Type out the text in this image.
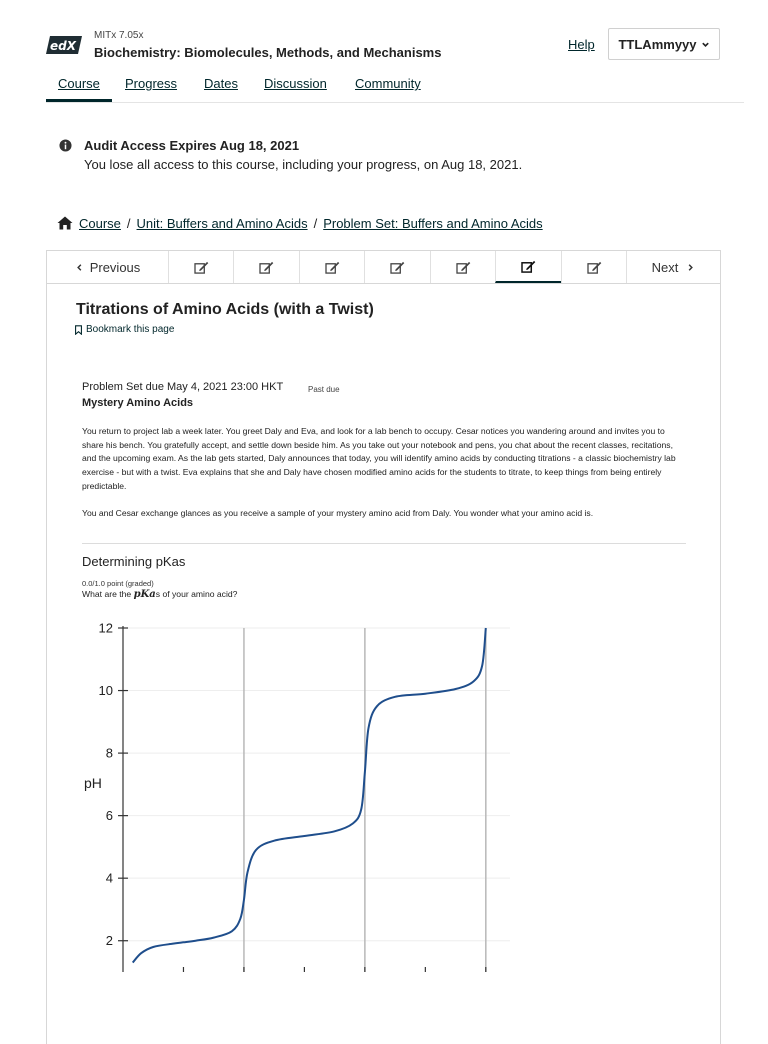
edX
MITx 7.05x
Biochemistry: Biomolecules, Methods, and Mechanisms
Help TTLAmmyyy
Course Progress Dates Discussion Community
Audit Access Expires Aug 18, 2021
You lose all access to this course, including your progress, on Aug 18, 2021.
Course / Unit: Buffers and Amino Acids / Problem Set: Buffers and Amino Acids
Previous	Next
Titrations of Amino Acids (with a Twist)
Bookmark this page
Problem Set due May 4, 2021 23:00 HKT	Past due
Mystery Amino Acids
You return to project lab a week later. You greet Daly and Eva, and look for a lab bench to occupy. Cesar notices you wandering around and invites you to share his bench. You gratefully accept, and settle down beside him. As you take out your notebook and pens, you chat about the recent classes, recitations, and the upcoming exam. As the lab gets started, Daly announces that today, you will identify amino acids by conducting titrations - a classic biochemistry lab exercise - but with a twist. Eva explains that she and Daly have chosen modified amino acids for the students to titrate, to keep things from being entirely predictable.
You and Cesar exchange glances as you receive a sample of your mystery amino acid from Daly. You wonder what your amino acid is.
Determining pKas
0.0/1.0 point (graded)
What are the pKas of your amino acid?
2
4
6
8
10
12
pH
